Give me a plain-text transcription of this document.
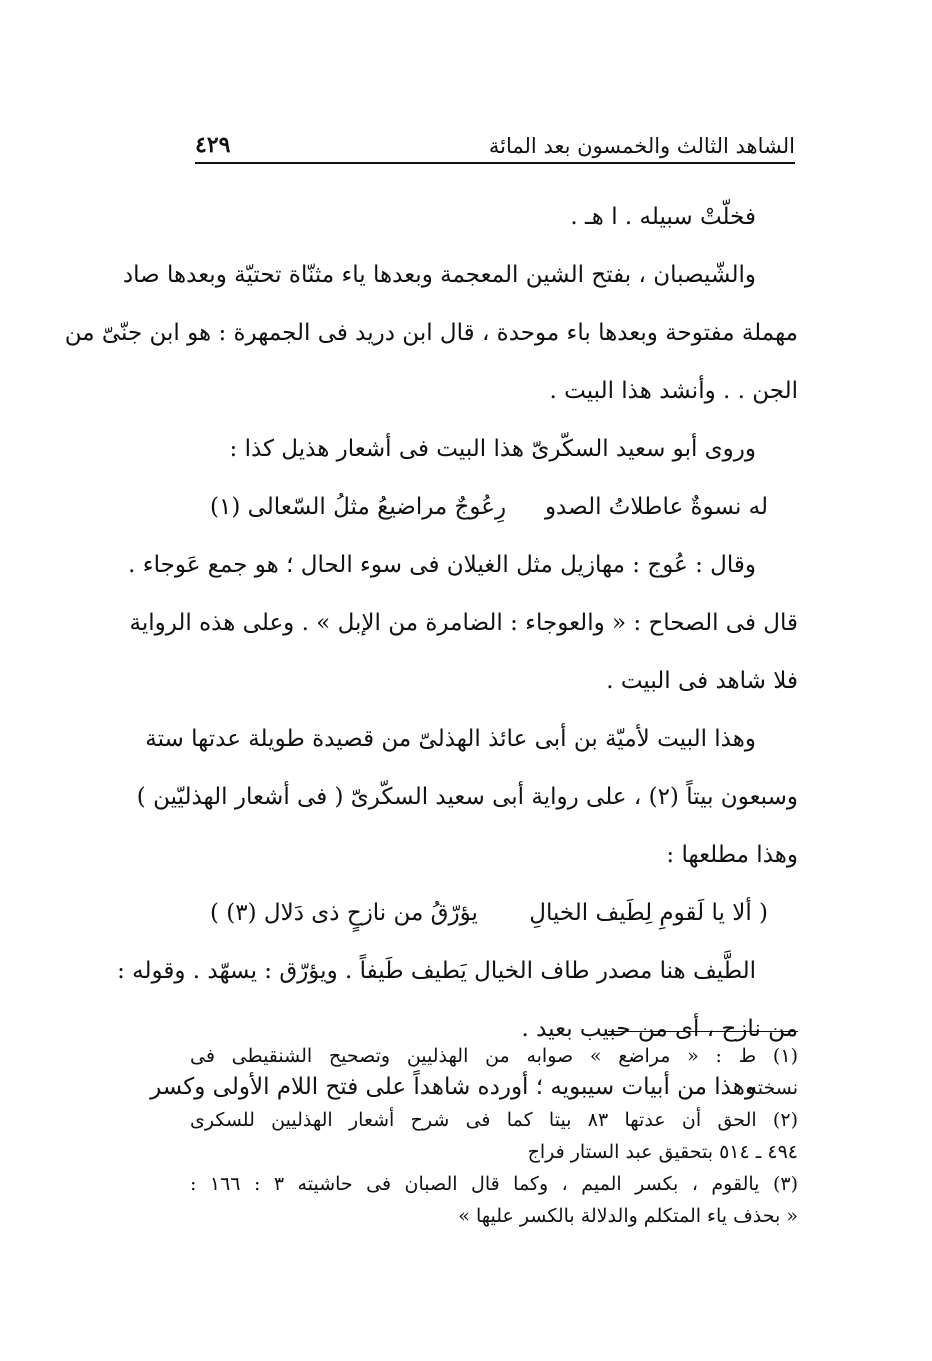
الشاهد الثالث والخمسون بعد المائة
٤٢٩
فخلّتْ سبيله . ا هـ .
والشّيصبان ، بفتح الشين المعجمة وبعدها ياء مثنّاة تحتيّة وبعدها صاد
مهملة مفتوحة وبعدها باء موحدة ، قال ابن دريد فى الجمهرة : هو ابن جنّىّ من
الجن . . وأنشد هذا البيت .
وروى أبو سعيد السكّرىّ هذا البيت فى أشعار هذيل كذا :
له نسوةٌ عاطلاتُ الصدو
رِعُوجٌ مراضيعُ مثلُ السّعالى (١)
وقال : عُوج : مهازيل مثل الغيلان فى سوء الحال ؛ هو جمع عَوجاء .
قال فى الصحاح : « والعوجاء : الضامرة من الإبل » . وعلى هذه الرواية
فلا شاهد فى البيت .
وهذا البيت لأميّة بن أبى عائذ الهذلىّ من قصيدة طويلة عدتها ستة
وسبعون بيتاً (٢) ، على رواية أبى سعيد السكّرىّ ( فى أشعار الهذليّين )
وهذا مطلعها :
( ألا يا لَقومِ لِطَيف الخيالِ
يؤرّقُ من نازحٍ ذى دَلال (٣) )
الطَّيف هنا مصدر طاف الخيال يَطيف طَيفاً . ويؤرّق : يسهّد . وقوله :
من نازح ، أى من حبيب بعيد .
وهذا من أبيات سيبويه ؛ أورده شاهداً على فتح اللام الأولى وكسر
(١) ط : « مراضع » صوابه من الهذليين وتصحيح الشنقيطى فى
نسخته
(٢) الحق أن عدتها ٨٣ بيتا كما فى شرح أشعار الهذليين للسكرى
٤٩٤ ـ ٥١٤ بتحقيق عبد الستار فراج
(٣) يالقوم ، بكسر الميم ، وكما قال الصبان فى حاشيته ٣ : ١٦٦ :
« بحذف ياء المتكلم والدلالة بالكسر عليها »
